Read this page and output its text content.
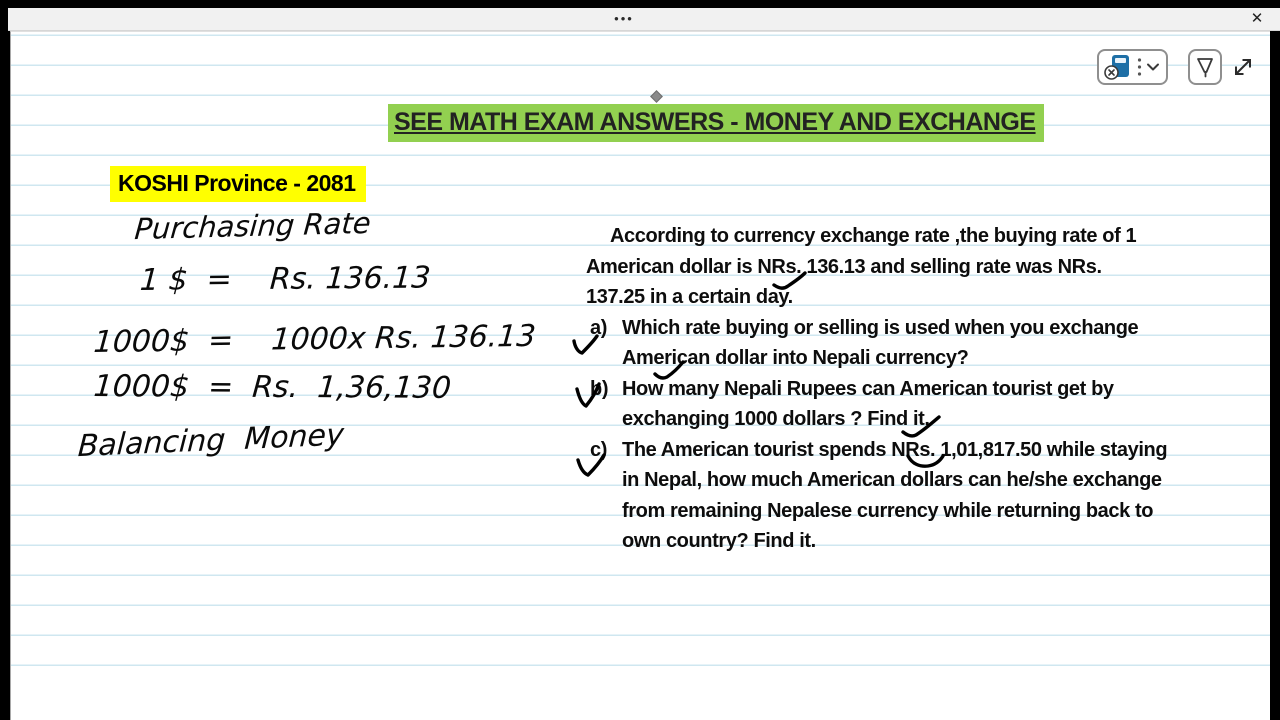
•••	✕
SEE MATH EXAM ANSWERS - MONEY AND EXCHANGE
KOSHI Province - 2081
According to currency exchange rate ,the buying rate of 1
American dollar is NRs. 136.13 and selling rate was NRs.
137.25 in a certain day.
a) Which rate buying or selling is used when you exchange
American dollar into Nepali currency?
b) How many Nepali Rupees can American tourist get by
exchanging 1000 dollars ? Find it.
c) The American tourist spends NRs. 1,01,817.50 while staying
in Nepal, how much American dollars can he/she exchange
from remaining Nepalese currency while returning back to
own country? Find it.
Purchasing Rate
1 $  =    Rs. 136.13
1000$  =    1000x Rs. 136.13
1000$  =  Rs.  1,36,130
Balancing  Money
